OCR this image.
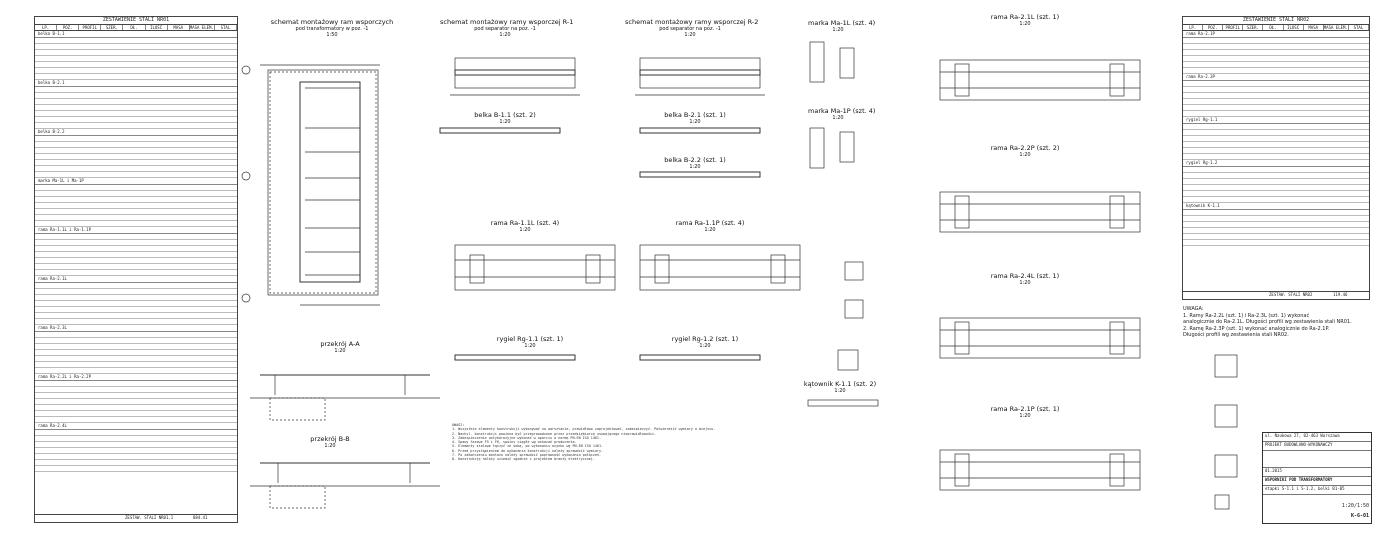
ZESTAWIENIE STALI NR01
LP.	POZ.	PROFIL	SZER.	DŁ.	ILOŚĆ	MASA	MASA ELEM.	STAL
belka B-1.1
belka B-2.1
belka B-2.2
marka Ma-1L i Ma-1P
rama Ra-1.1L i Ra-1.1P
rama Ra-2.1L
rama Ra-2.3L
rama Ra-2.2L i Ra-2.2P
rama Ra-2.4L
ZESTAW. STALI NR01.1	884.41
ZESTAWIENIE STALI NR02
LP.	POZ.	PROFIL	SZER.	DŁ.	ILOŚĆ	MASA	MASA ELEM.	STAL
rama Ra-2.1P
rama Ra-2.3P
rygiel Rg-1.1
rygiel Rg-1.2
kątownik K-1.1
ZESTAW. STALI NR02	119.46
schemat montażowy ram wsporczych
pod transformatory w poz. -1
1:50
schemat montażowy ramy wsporczej R-1
pod separator na poz. -1
1:20
schemat montażowy ramy wsporczej R-2
pod separator na poz. -1
1:20
marka Ma-1L (szt. 4)
1:20
marka Ma-1P (szt. 4)
1:20
belka B-1.1 (szt. 2)
1:20
belka B-2.1 (szt. 1)
1:20
belka B-2.2 (szt. 1)
1:20
rama Ra-1.1L (szt. 4)
1:20
rama Ra-1.1P (szt. 4)
1:20
rygiel Rg-1.1 (szt. 1)
1:20
rygiel Rg-1.2 (szt. 1)
1:20
kątownik K-1.1 (szt. 2)
1:20
przekrój A-A
1:20
przekrój B-B
1:20
rama Ra-2.1L (szt. 1)
1:20
rama Ra-2.2P (szt. 2)
1:20
rama Ra-2.4L (szt. 1)
1:20
rama Ra-2.1P (szt. 1)
1:20
UWAGI:
1. Wszystkie elementy konstrukcji wykonywać na warsztacie, prawidłowo zaprojektować, zabezpieczyć. Potwierdzić wymiary w miejscu.
2. Nachyl. konstrukcji powinno być przeprowadzone przez przedsiębiorcę usuwającego nieprawidłowości.
3. Zabezpieczenie antykorozyjne wykonać w oparciu o normę PN-EN ISO 1461.
4. Spawy fazowe F5 i F6, spoiny ciągłe wg wskazań producenta.
5. Elementy stalowe łączyć ze sobą, po wykonaniu ocynku wg PN-EN ISO 1461.
6. Przed przystąpieniem do wykonania konstrukcji należy sprawdzić wymiary.
7. Po zakończeniu montażu należy sprawdzić poprawność wykonania połączeń.
8. Konstrukcję należy uziemić zgodnie z projektem branży elektrycznej.
UWAGA:
1. Ramy Ra-2.2L (szt. 1) i Ra-2.3L (szt. 1) wykonać
analogicznie do Ra-2.1L. Długości profili wg zestawienia stali NR01.
2. Ramę Ra-2.3P (szt. 1) wykonać analogicznie do Ra-2.1P.
Długości profili wg zestawienia stali NR02.
ul. Naukowa 27, 02-463 Warszawa
PROJEKT BUDOWLANO-WYKONAWCZY
01.2015
WSPORNIKI POD TRANSFORMATORY
etapki S-1.1 i S-1.2, belki B1-B5
1:20/1:50
K-6-01
